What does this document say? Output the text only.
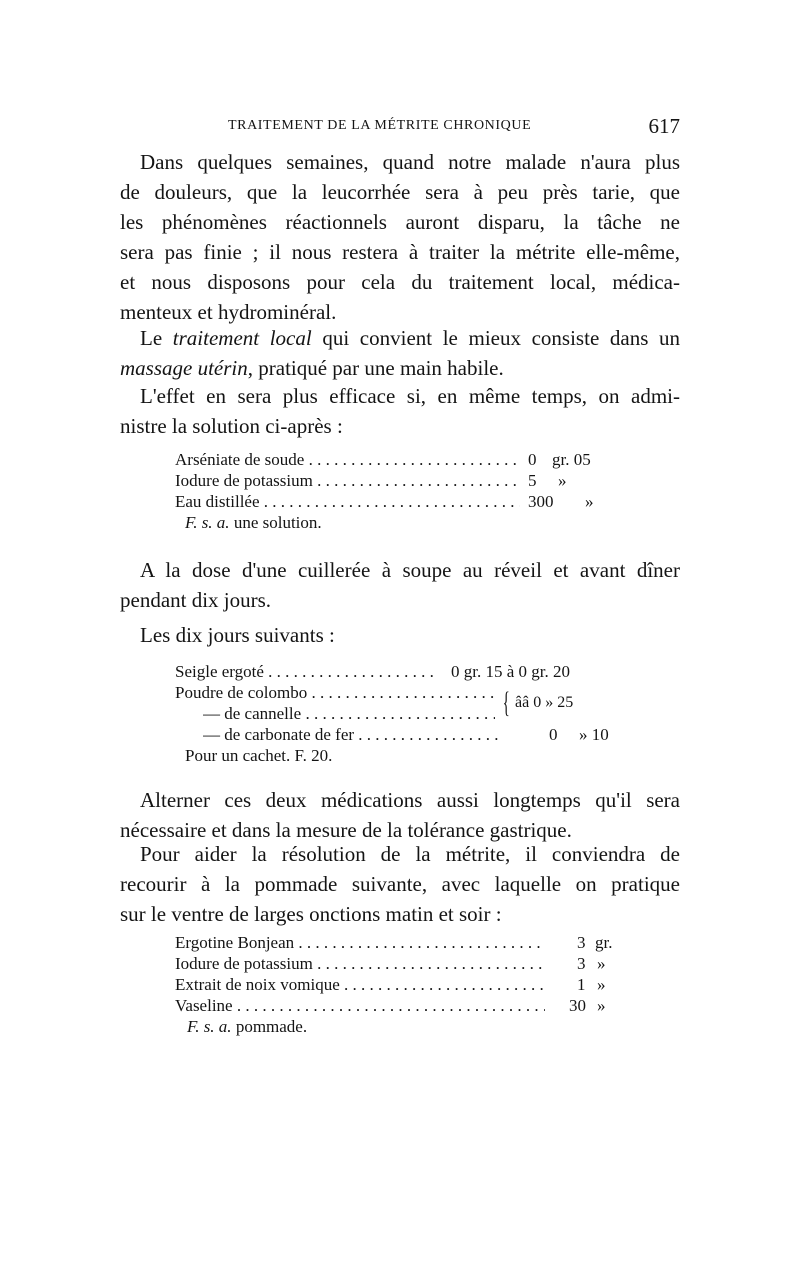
TRAITEMENT DE LA MÉTRITE CHRONIQUE	617
Dans quelques semaines, quand notre malade n'aura plus
de douleurs, que la leucorrhée sera à peu près tarie, que
les phénomènes réactionnels auront disparu, la tâche ne
sera pas finie ; il nous restera à traiter la métrite elle-même,
et nous disposons pour cela du traitement local, médica-
menteux et hydrominéral.
Le traitement local qui convient le mieux consiste dans un
massage utérin, pratiqué par une main habile.
L'effet en sera plus efficace si, en même temps, on admi-
nistre la solution ci-après :
Arséniate de soude . . .	0 gr. 05
Iodure de potassium . . .	5 »
Eau distillée . . .	300 »
F. s. a. une solution.
A la dose d'une cuillerée à soupe au réveil et avant dîner
pendant dix jours.
Les dix jours suivants :
Seigle ergoté . . .	0 gr. 15 à 0 gr. 20
Poudre de colombo . . .	{ ââ 0 » 25
— de cannelle . . .
— de carbonate de fer . . .	0 » 10
Pour un cachet. F. 20.
Alterner ces deux médications aussi longtemps qu'il sera
nécessaire et dans la mesure de la tolérance gastrique.
Pour aider la résolution de la métrite, il conviendra de
recourir à la pommade suivante, avec laquelle on pratique
sur le ventre de larges onctions matin et soir :
Ergotine Bonjean . . .	3 gr.
Iodure de potassium . . .	3 »
Extrait de noix vomique . . .	1 »
Vaseline . . .	30 »
F. s. a. pommade.
